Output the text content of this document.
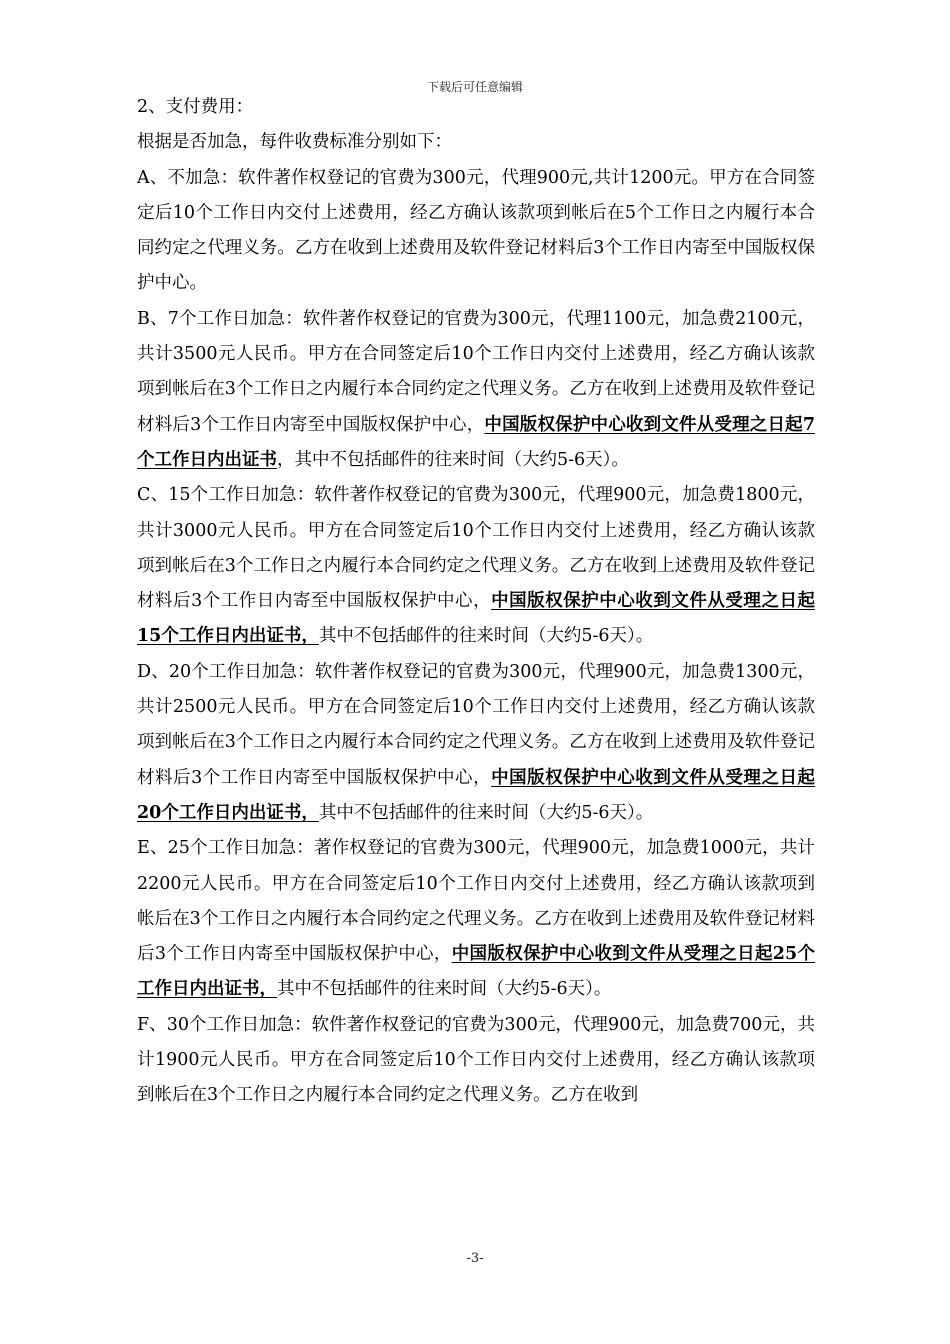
下载后可任意编辑

2、支付费用：

根据是否加急，每件收费标准分别如下：

A、不加急：软件著作权登记的官费为300元，代理900元,共计1200元。甲方在合同签定后10个工作日内交付上述费用，经乙方确认该款项到帐后在5个工作日之内履行本合同约定之代理义务。乙方在收到上述费用及软件登记材料后3个工作日内寄至中国版权保护中心。

B、7个工作日加急：软件著作权登记的官费为300元，代理1100元，加急费2100元，共计3500元人民币。甲方在合同签定后10个工作日内交付上述费用，经乙方确认该款项到帐后在3个工作日之内履行本合同约定之代理义务。乙方在收到上述费用及软件登记材料后3个工作日内寄至中国版权保护中心，中国版权保护中心收到文件从受理之日起7个工作日内出证书，其中不包括邮件的往来时间（大约5-6天）。

C、15个工作日加急：软件著作权登记的官费为300元，代理900元，加急费1800元，共计3000元人民币。甲方在合同签定后10个工作日内交付上述费用，经乙方确认该款项到帐后在3个工作日之内履行本合同约定之代理义务。乙方在收到上述费用及软件登记材料后3个工作日内寄至中国版权保护中心，中国版权保护中心收到文件从受理之日起15个工作日内出证书，其中不包括邮件的往来时间（大约5-6天）。

D、20个工作日加急：软件著作权登记的官费为300元，代理900元，加急费1300元，共计2500元人民币。甲方在合同签定后10个工作日内交付上述费用，经乙方确认该款项到帐后在3个工作日之内履行本合同约定之代理义务。乙方在收到上述费用及软件登记材料后3个工作日内寄至中国版权保护中心，中国版权保护中心收到文件从受理之日起20个工作日内出证书，其中不包括邮件的往来时间（大约5-6天）。

E、25个工作日加急：著作权登记的官费为300元，代理900元，加急费1000元，共计2200元人民币。甲方在合同签定后10个工作日内交付上述费用，经乙方确认该款项到帐后在3个工作日之内履行本合同约定之代理义务。乙方在收到上述费用及软件登记材料后3个工作日内寄至中国版权保护中心，中国版权保护中心收到文件从受理之日起25个工作日内出证书，其中不包括邮件的往来时间（大约5-6天）。

F、30个工作日加急：软件著作权登记的官费为300元，代理900元，加急费700元，共计1900元人民币。甲方在合同签定后10个工作日内交付上述费用，经乙方确认该款项到帐后在3个工作日之内履行本合同约定之代理义务。乙方在收到

-3-
